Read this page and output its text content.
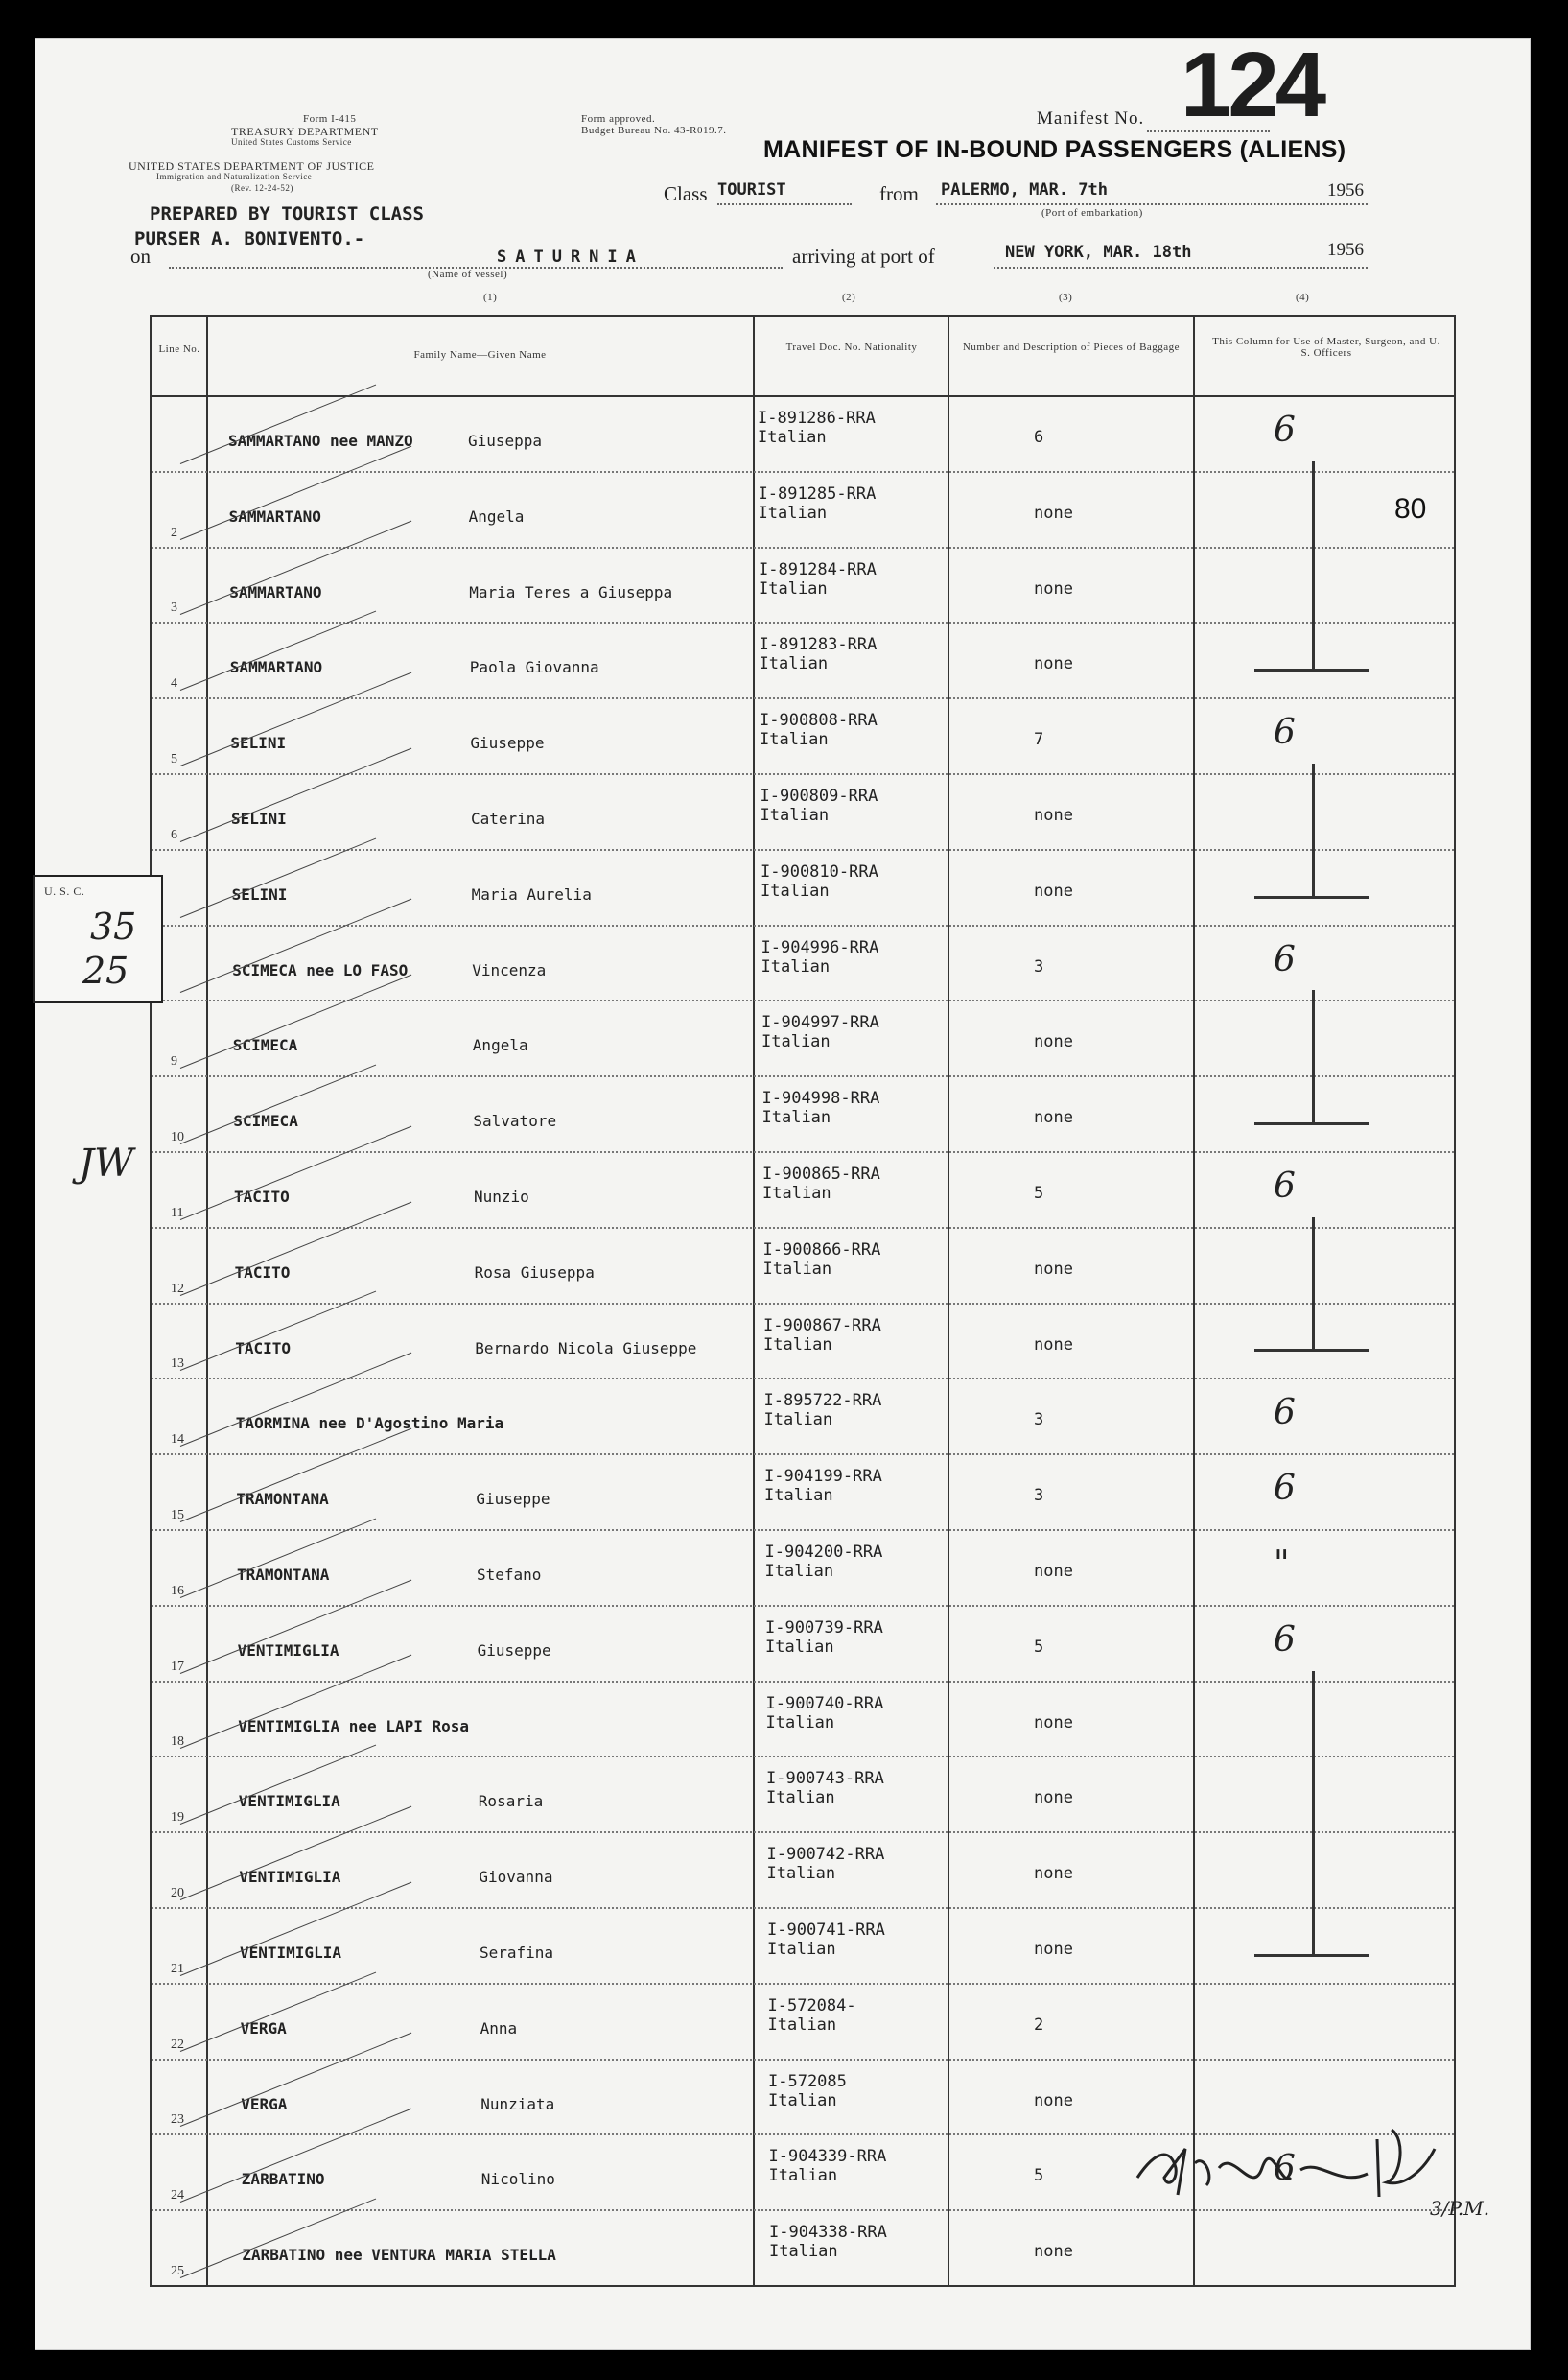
124
Form I-415
TREASURY DEPARTMENT
United States Customs Service
Form approved.
Budget Bureau No. 43-R019.7.
Manifest No.
UNITED STATES DEPARTMENT OF JUSTICE
Immigration and Naturalization Service
(Rev. 12-24-52)
MANIFEST OF IN-BOUND PASSENGERS (ALIENS)
PREPARED BY TOURIST CLASS
PURSER A. BONIVENTO.-
Class TOURIST	from PALERMO, MAR. 7th	1956
(Port of embarkation)
on	SATURNIA
(Name of vessel)
arriving at port of	NEW YORK, MAR. 18th	1956
(1)	(2)	(3)	(4)
80
Line No.	Family Name—Given Name
Travel Doc. No. Nationality	Number and Description of Pieces of Baggage	This Column for Use of Master, Surgeon, and U. S. Officers
SAMMARTANO nee MANZO	Giuseppa
I-891286-RRA
Italian	6	6
2
SAMMARTANO	Angela
I-891285-RRA
Italian	none
3
SAMMARTANO	Maria Teres a Giuseppa
I-891284-RRA
Italian	none
4
SAMMARTANO	Paola Giovanna
I-891283-RRA
Italian	none
5
SELINI	Giuseppe
I-900808-RRA
Italian	7	6
6
SELINI	Caterina
I-900809-RRA
Italian	none
SELINI	Maria Aurelia
I-900810-RRA
Italian	none
SCIMECA nee LO FASO	Vincenza
I-904996-RRA
Italian	3	6
9
SCIMECA	Angela
I-904997-RRA
Italian	none
10
SCIMECA	Salvatore
I-904998-RRA
Italian	none
11
TACITO	Nunzio
I-900865-RRA
Italian	5	6
12
TACITO	Rosa Giuseppa
I-900866-RRA
Italian	none
13
TACITO	Bernardo Nicola Giuseppe
I-900867-RRA
Italian	none
14
TAORMINA nee D'Agostino Maria
I-895722-RRA
Italian	3	6
15
TRAMONTANA	Giuseppe
I-904199-RRA
Italian	3	6
16
TRAMONTANA	Stefano
I-904200-RRA
Italian	none	"
17
VENTIMIGLIA	Giuseppe
I-900739-RRA
Italian	5	6
18
VENTIMIGLIA nee LAPI Rosa
I-900740-RRA
Italian	none
19
VENTIMIGLIA	Rosaria
I-900743-RRA
Italian	none
20
VENTIMIGLIA	Giovanna
I-900742-RRA
Italian	none
21
VENTIMIGLIA	Serafina
I-900741-RRA
Italian	none
22
VERGA	Anna
I-572084-
Italian	2
23
VERGA	Nunziata
I-572085
Italian	none
24
ZARBATINO	Nicolino
I-904339-RRA
Italian	5	6
25
ZARBATINO nee VENTURA MARIA STELLA
I-904338-RRA
Italian	none
U. S. C.
35
25
JW
3/P.M.
